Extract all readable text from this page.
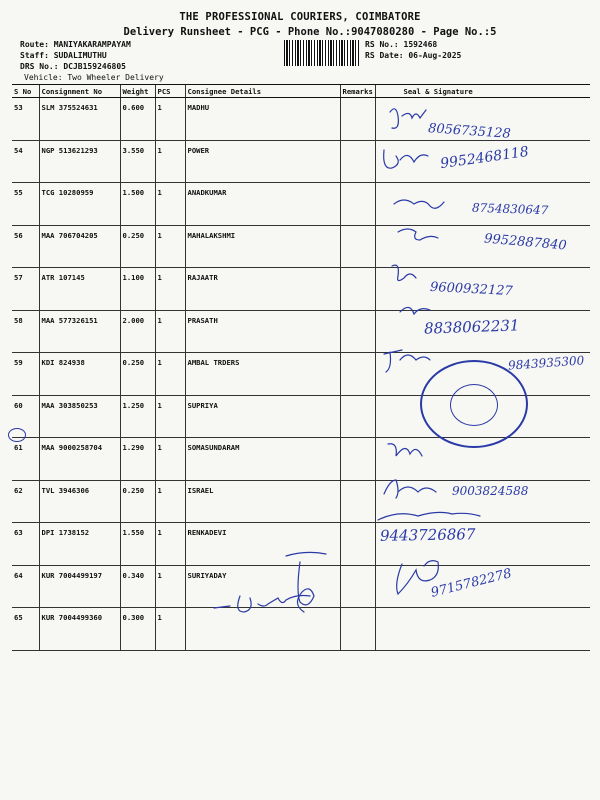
THE PROFESSIONAL COURIERS, COIMBATORE
Delivery Runsheet - PCG - Phone No.:9047080280 - Page No.:5
Route: MANIYAKARAMPAYAM
Staff: SUDALIMUTHU
DRS No.: DCJB159246805
Vehicle: Two Wheeler Delivery
RS No.: 1592468
RS Date: 06-Aug-2025
S No	Consignment No	Weight	PCS	Consignee Details	Remarks	Seal & Signature
53	SLM 375524631	0.600	1	MADHU		
54	NGP 513621293	3.550	1	POWER		
55	TCG 10280959	1.500	1	ANADKUMAR		
56	MAA 706704205	0.250	1	MAHALAKSHMI		
57	ATR 107145	1.100	1	RAJAATR		
58	MAA 577326151	2.000	1	PRASATH		
59	KDI 824938	0.250	1	AMBAL TRDERS		
60	MAA 303850253	1.250	1	SUPRIYA		
61	MAA 9000258704	1.290	1	SOMASUNDARAM		
62	TVL 3946306	0.250	1	ISRAEL		
63	DPI 1738152	1.550	1	RENKADEVI		
64	KUR 7004499197	0.340	1	SURIYADAY		
65	KUR 7004499360	0.300	1			
8056735128
9952468118
8754830647
9952887840
9600932127
8838062231
9843935300
9003824588
9443726867
9715782278
